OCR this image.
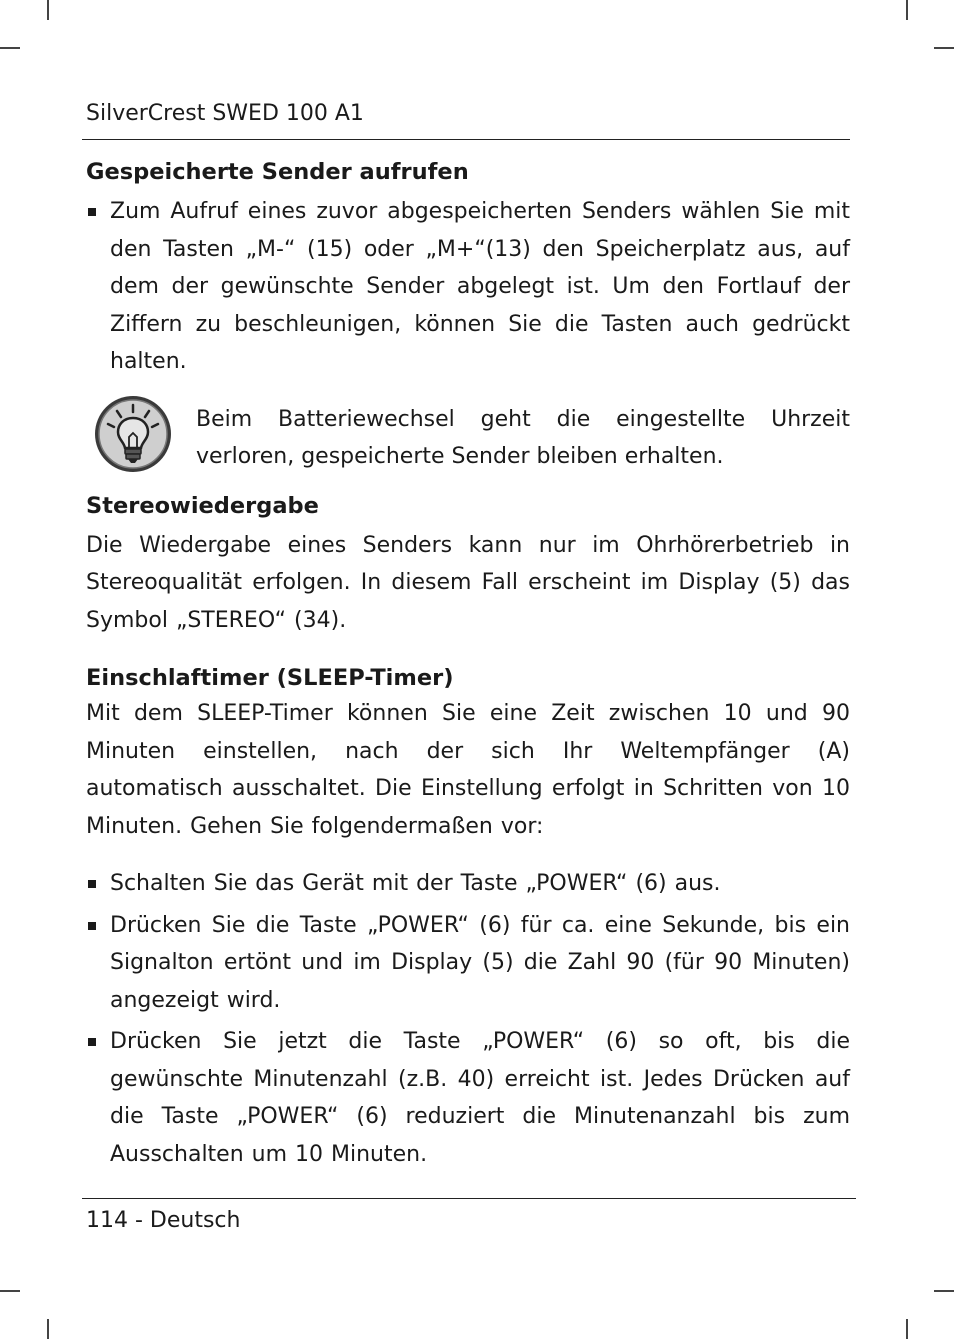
SilverCrest SWED 100 A1
Gespeicherte Sender aufrufen
Zum Aufruf eines zuvor abgespeicherten Senders wählen Sie mit den Tasten „M-“ (15) oder „M+“(13) den Speicherplatz aus, auf dem der gewünschte Sender abgelegt ist. Um den Fortlauf der Ziffern zu beschleunigen, können Sie die Tasten auch gedrückt halten.
Beim Batteriewechsel geht die eingestellte Uhrzeit verloren, gespeicherte Sender bleiben erhalten.
Stereowiedergabe

Die Wiedergabe eines Senders kann nur im Ohrhörerbetrieb in Stereoqualität erfolgen. In diesem Fall erscheint im Display (5) das Symbol „STEREO“ (34).

Einschlaftimer (SLEEP-Timer)

Mit dem SLEEP-Timer können Sie eine Zeit zwischen 10 und 90 Minuten einstellen, nach der sich Ihr Weltempfänger (A) automatisch ausschaltet. Die Einstellung erfolgt in Schritten von 10 Minuten. Gehen Sie folgendermaßen vor:

Schalten Sie das Gerät mit der Taste „POWER“ (6) aus.
Drücken Sie die Taste „POWER“ (6) für ca. eine Sekunde, bis ein Signalton ertönt und im Display (5) die Zahl 90 (für 90 Minuten) angezeigt wird.
Drücken Sie jetzt die Taste „POWER“ (6) so oft, bis die gewünschte Minutenzahl (z.B. 40) erreicht ist. Jedes Drücken auf die Taste „POWER“ (6) reduziert die Minutenanzahl bis zum Ausschalten um 10 Minuten.
114 - Deutsch
